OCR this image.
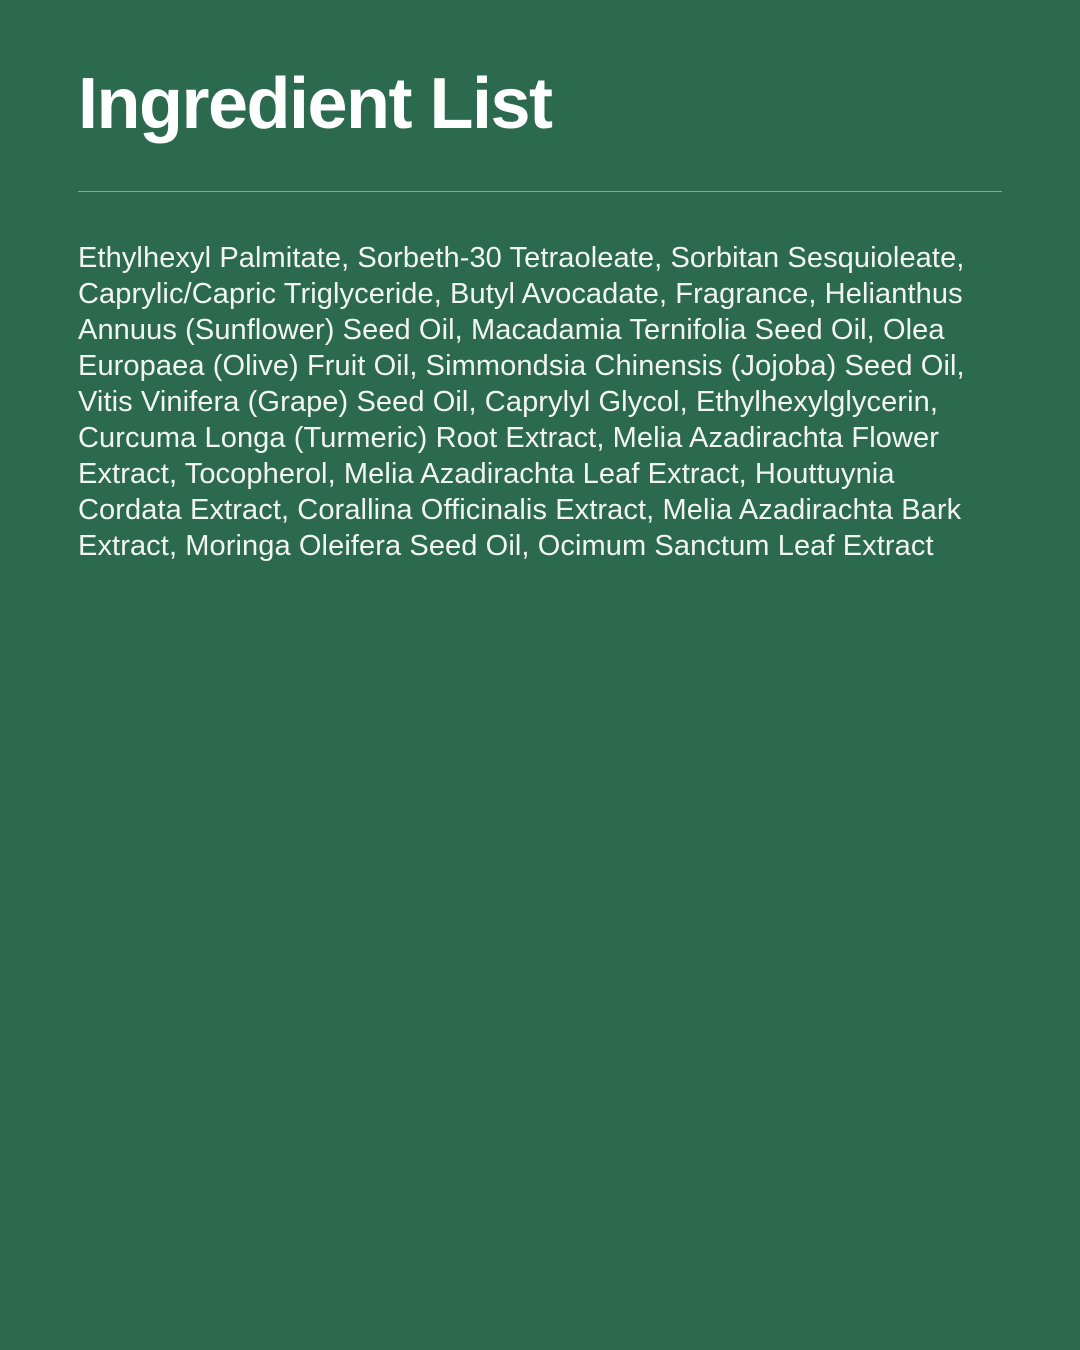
Ingredient List

Ethylhexyl Palmitate, Sorbeth-30 Tetraoleate, Sorbitan Sesquioleate, Caprylic/Capric Triglyceride, Butyl Avocadate, Fragrance, Helianthus Annuus (Sunflower) Seed Oil, Macadamia Ternifolia Seed Oil, Olea Europaea (Olive) Fruit Oil, Simmondsia Chinensis (Jojoba) Seed Oil, Vitis Vinifera (Grape) Seed Oil, Caprylyl Glycol, Ethylhexylglycerin, Curcuma Longa (Turmeric) Root Extract, Melia Azadirachta Flower Extract, Tocopherol, Melia Azadirachta Leaf Extract, Houttuynia Cordata Extract, Corallina Officinalis Extract, Melia Azadirachta Bark Extract, Moringa Oleifera Seed Oil, Ocimum Sanctum Leaf Extract
